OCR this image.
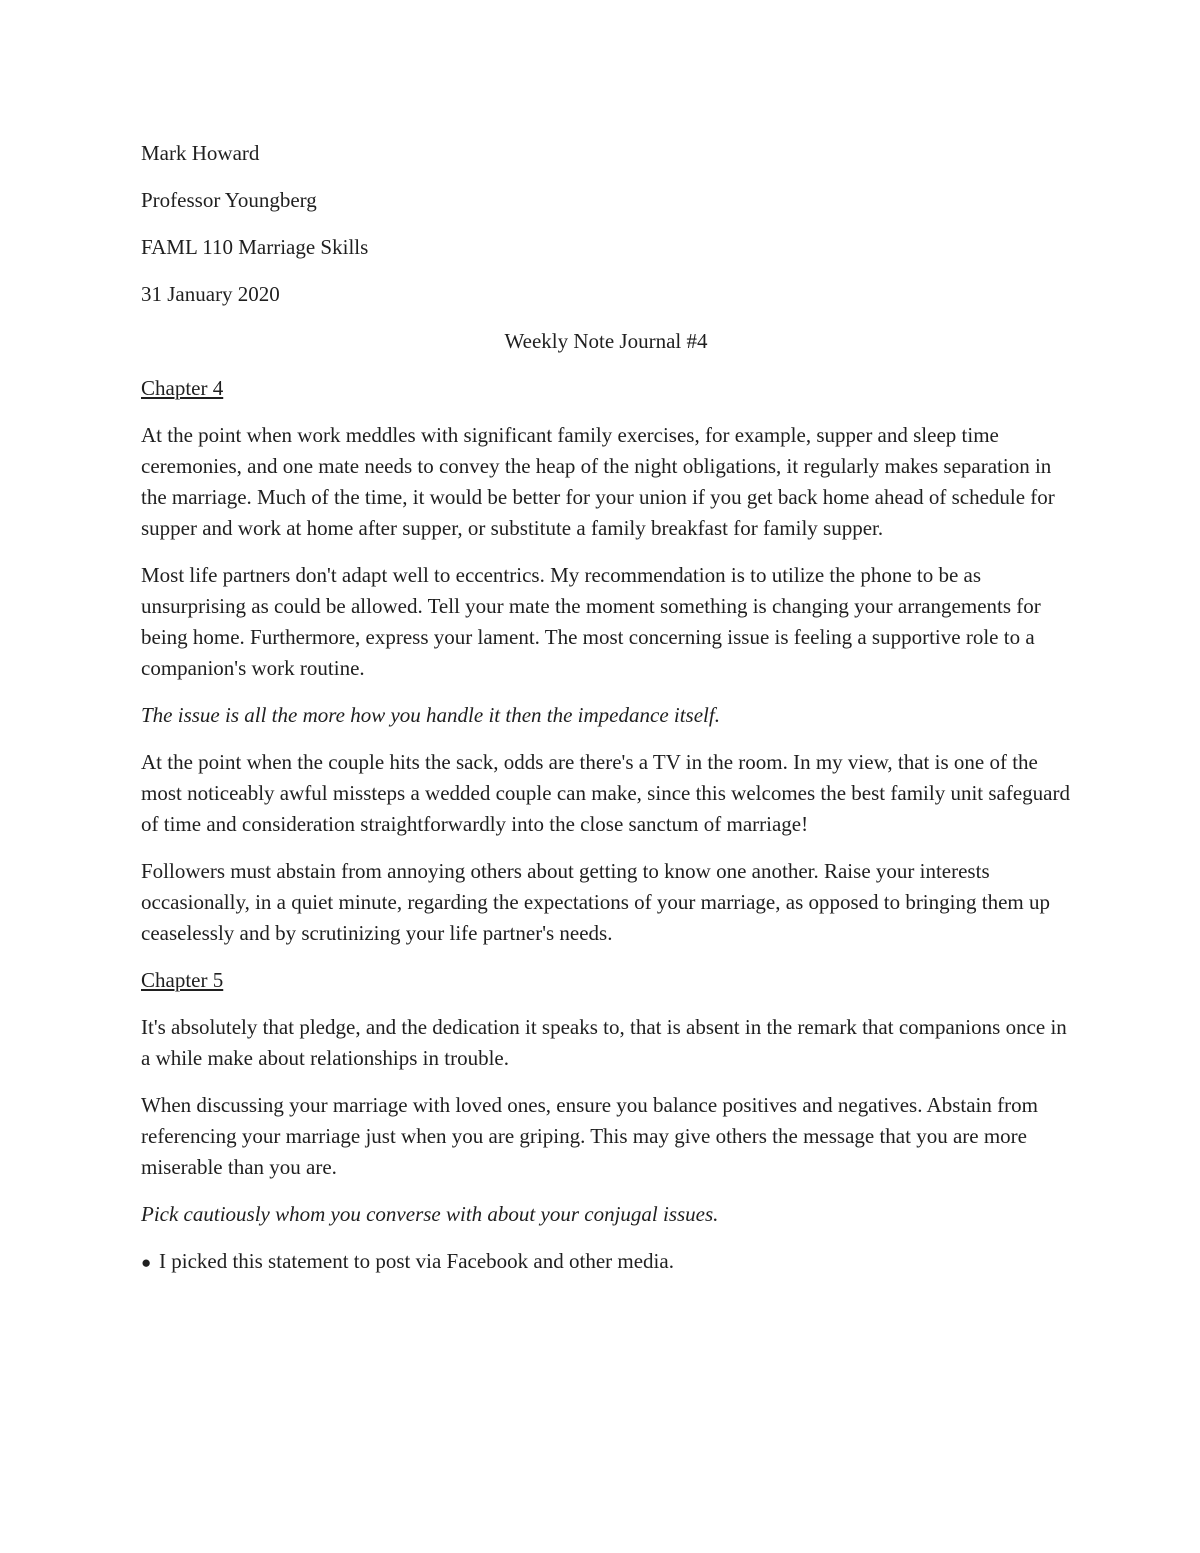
Mark Howard
Professor Youngberg
FAML 110 Marriage Skills
31 January 2020
Weekly Note Journal #4
Chapter 4

At the point when work meddles with significant family exercises, for example, supper and sleep time ceremonies, and one mate needs to convey the heap of the night obligations, it regularly makes separation in the marriage. Much of the time, it would be better for your union if you get back home ahead of schedule for supper and work at home after supper, or substitute a family breakfast for family supper.

Most life partners don't adapt well to eccentrics. My recommendation is to utilize the phone to be as unsurprising as could be allowed. Tell your mate the moment something is changing your arrangements for being home. Furthermore, express your lament. The most concerning issue is feeling a supportive role to a companion's work routine.

The issue is all the more how you handle it then the impedance itself.

At the point when the couple hits the sack, odds are there's a TV in the room. In my view, that is one of the most noticeably awful missteps a wedded couple can make, since this welcomes the best family unit safeguard of time and consideration straightforwardly into the close sanctum of marriage!

Followers must abstain from annoying others about getting to know one another. Raise your interests occasionally, in a quiet minute, regarding the expectations of your marriage, as opposed to bringing them up ceaselessly and by scrutinizing your life partner's needs.

Chapter 5

It's absolutely that pledge, and the dedication it speaks to, that is absent in the remark that companions once in a while make about relationships in trouble.

When discussing your marriage with loved ones, ensure you balance positives and negatives. Abstain from referencing your marriage just when you are griping. This may give others the message that you are more miserable than you are.

Pick cautiously whom you converse with about your conjugal issues.

● I picked this statement to post via Facebook and other media.
